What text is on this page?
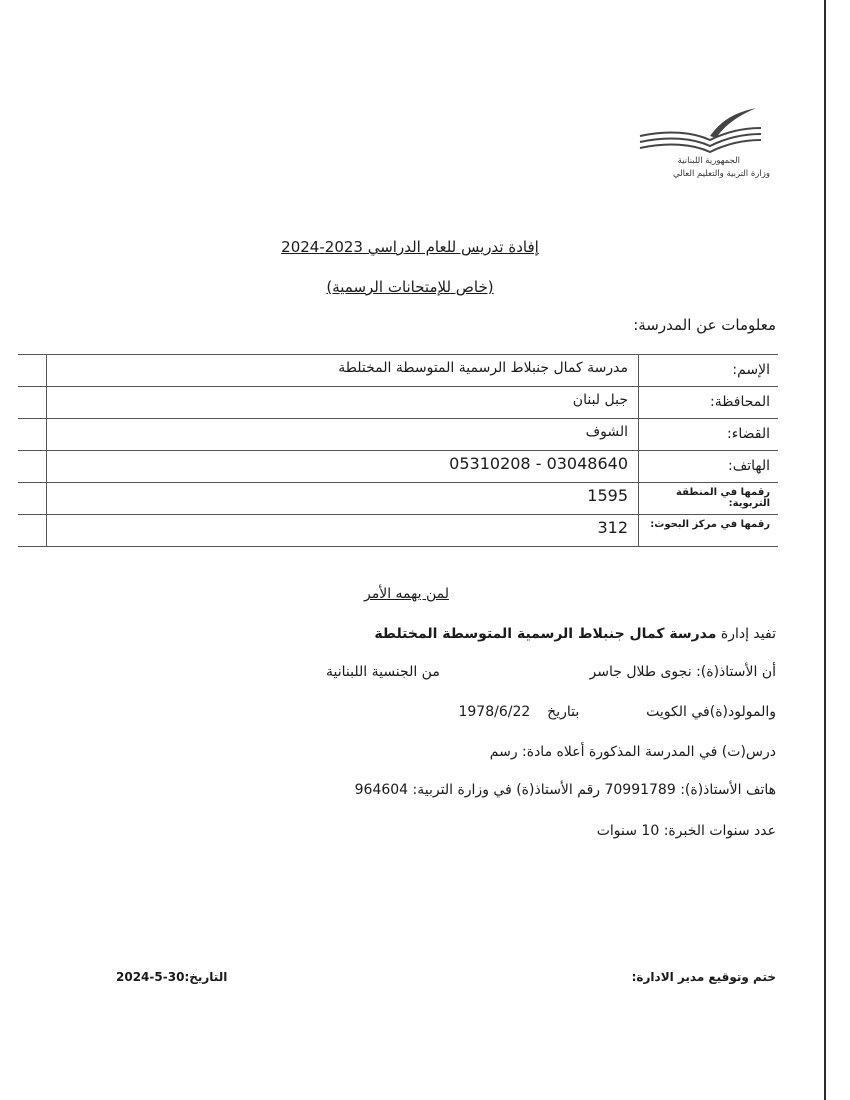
الجمهورية اللبنانية
وزارة التربية والتعليم العالي
إفادة تدريس للعام الدراسي 2023-2024
(خاص للإمتحانات الرسمية)
معلومات عن المدرسة:
الإسم:
مدرسة كمال جنبلاط الرسمية المتوسطة المختلطة
المحافظة:
جبل لبنان
القضاء:
الشوف
الهاتف:
03048640 - 05310208
رقمها في المنطقة التربوية:
1595
رقمها في مركز البحوث:
312
لمن يهمه الأمر
تفيد إدارة مدرسة كمال جنبلاط الرسمية المتوسطة المختلطة
أن الأستاذ(ة): نجوى طلال جاسر
من الجنسية اللبنانية
والمولود(ة)في الكويت  بتاريخ  1978/6/22
درس(ت) في المدرسة المذكورة أعلاه مادة: رسم
هاتف الأستاذ(ة): 70991789 رقم الأستاذ(ة) في وزارة التربية: 964604
عدد سنوات الخبرة: 10 سنوات
ختم وتوقيع مدير الادارة:
التاريخ:30-5-2024
